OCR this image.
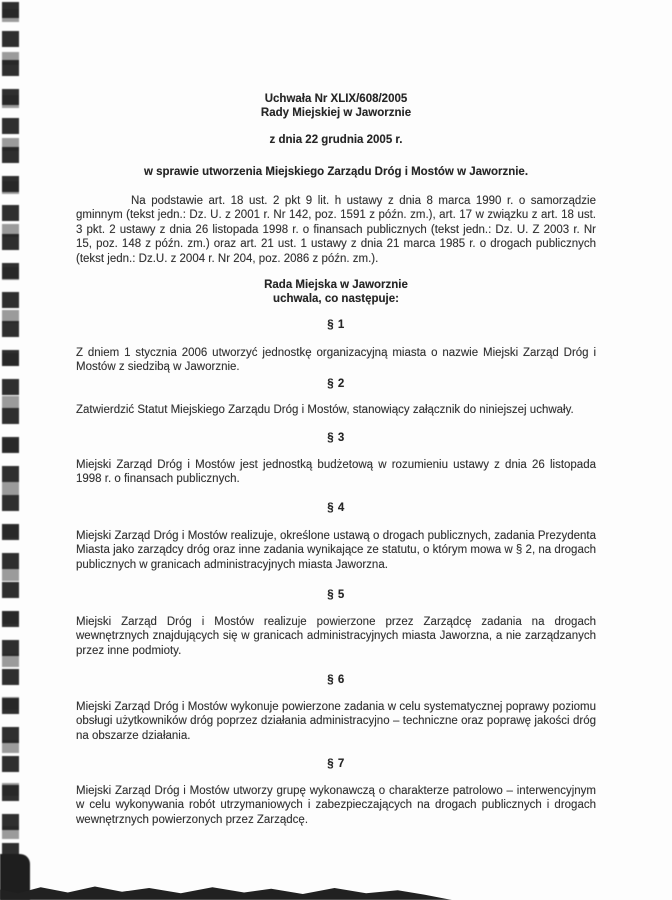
Uchwała Nr XLIX/608/2005
Rady Miejskiej w Jaworznie
z dnia 22 grudnia 2005 r.
w sprawie utworzenia Miejskiego Zarządu Dróg i Mostów w Jaworznie.
Na podstawie art. 18 ust. 2 pkt 9 lit. h ustawy z dnia 8 marca 1990 r. o samorządzie gminnym (tekst jedn.: Dz. U. z 2001 r. Nr 142, poz. 1591 z późn. zm.), art. 17 w związku z art. 18 ust. 3 pkt. 2 ustawy z dnia 26 listopada 1998 r. o finansach publicznych (tekst jedn.: Dz. U. Z 2003 r. Nr 15, poz. 148 z późn. zm.) oraz art. 21 ust. 1 ustawy z dnia 21 marca 1985 r. o drogach publicznych (tekst jedn.: Dz.U. z 2004 r. Nr 204, poz. 2086 z późn. zm.).
Rada Miejska w Jaworznie
uchwala, co następuje:
§ 1
Z dniem 1 stycznia 2006 utworzyć jednostkę organizacyjną miasta o nazwie Miejski Zarząd Dróg i Mostów z siedzibą w Jaworznie.
§ 2
Zatwierdzić Statut Miejskiego Zarządu Dróg i Mostów, stanowiący załącznik do niniejszej uchwały.
§ 3
Miejski Zarząd Dróg i Mostów jest jednostką budżetową w rozumieniu ustawy z dnia 26 listopada 1998 r. o finansach publicznych.
§ 4
Miejski Zarząd Dróg i Mostów realizuje, określone ustawą o drogach publicznych, zadania Prezydenta Miasta jako zarządcy dróg oraz inne zadania wynikające ze statutu, o którym mowa w § 2, na drogach publicznych w granicach administracyjnych miasta Jaworzna.
§ 5
Miejski Zarząd Dróg i Mostów realizuje powierzone przez Zarządcę zadania na drogach wewnętrznych znajdujących się w granicach administracyjnych miasta Jaworzna, a nie zarządzanych przez inne podmioty.
§ 6
Miejski Zarząd Dróg i Mostów wykonuje powierzone zadania w celu systematycznej poprawy poziomu obsługi użytkowników dróg poprzez działania administracyjno – techniczne oraz poprawę jakości dróg na obszarze działania.
§ 7
Miejski Zarząd Dróg i Mostów utworzy grupę wykonawczą o charakterze patrolowo – interwencyjnym w celu wykonywania robót utrzymaniowych i zabezpieczających na drogach publicznych i drogach wewnętrznych powierzonych przez Zarządcę.
